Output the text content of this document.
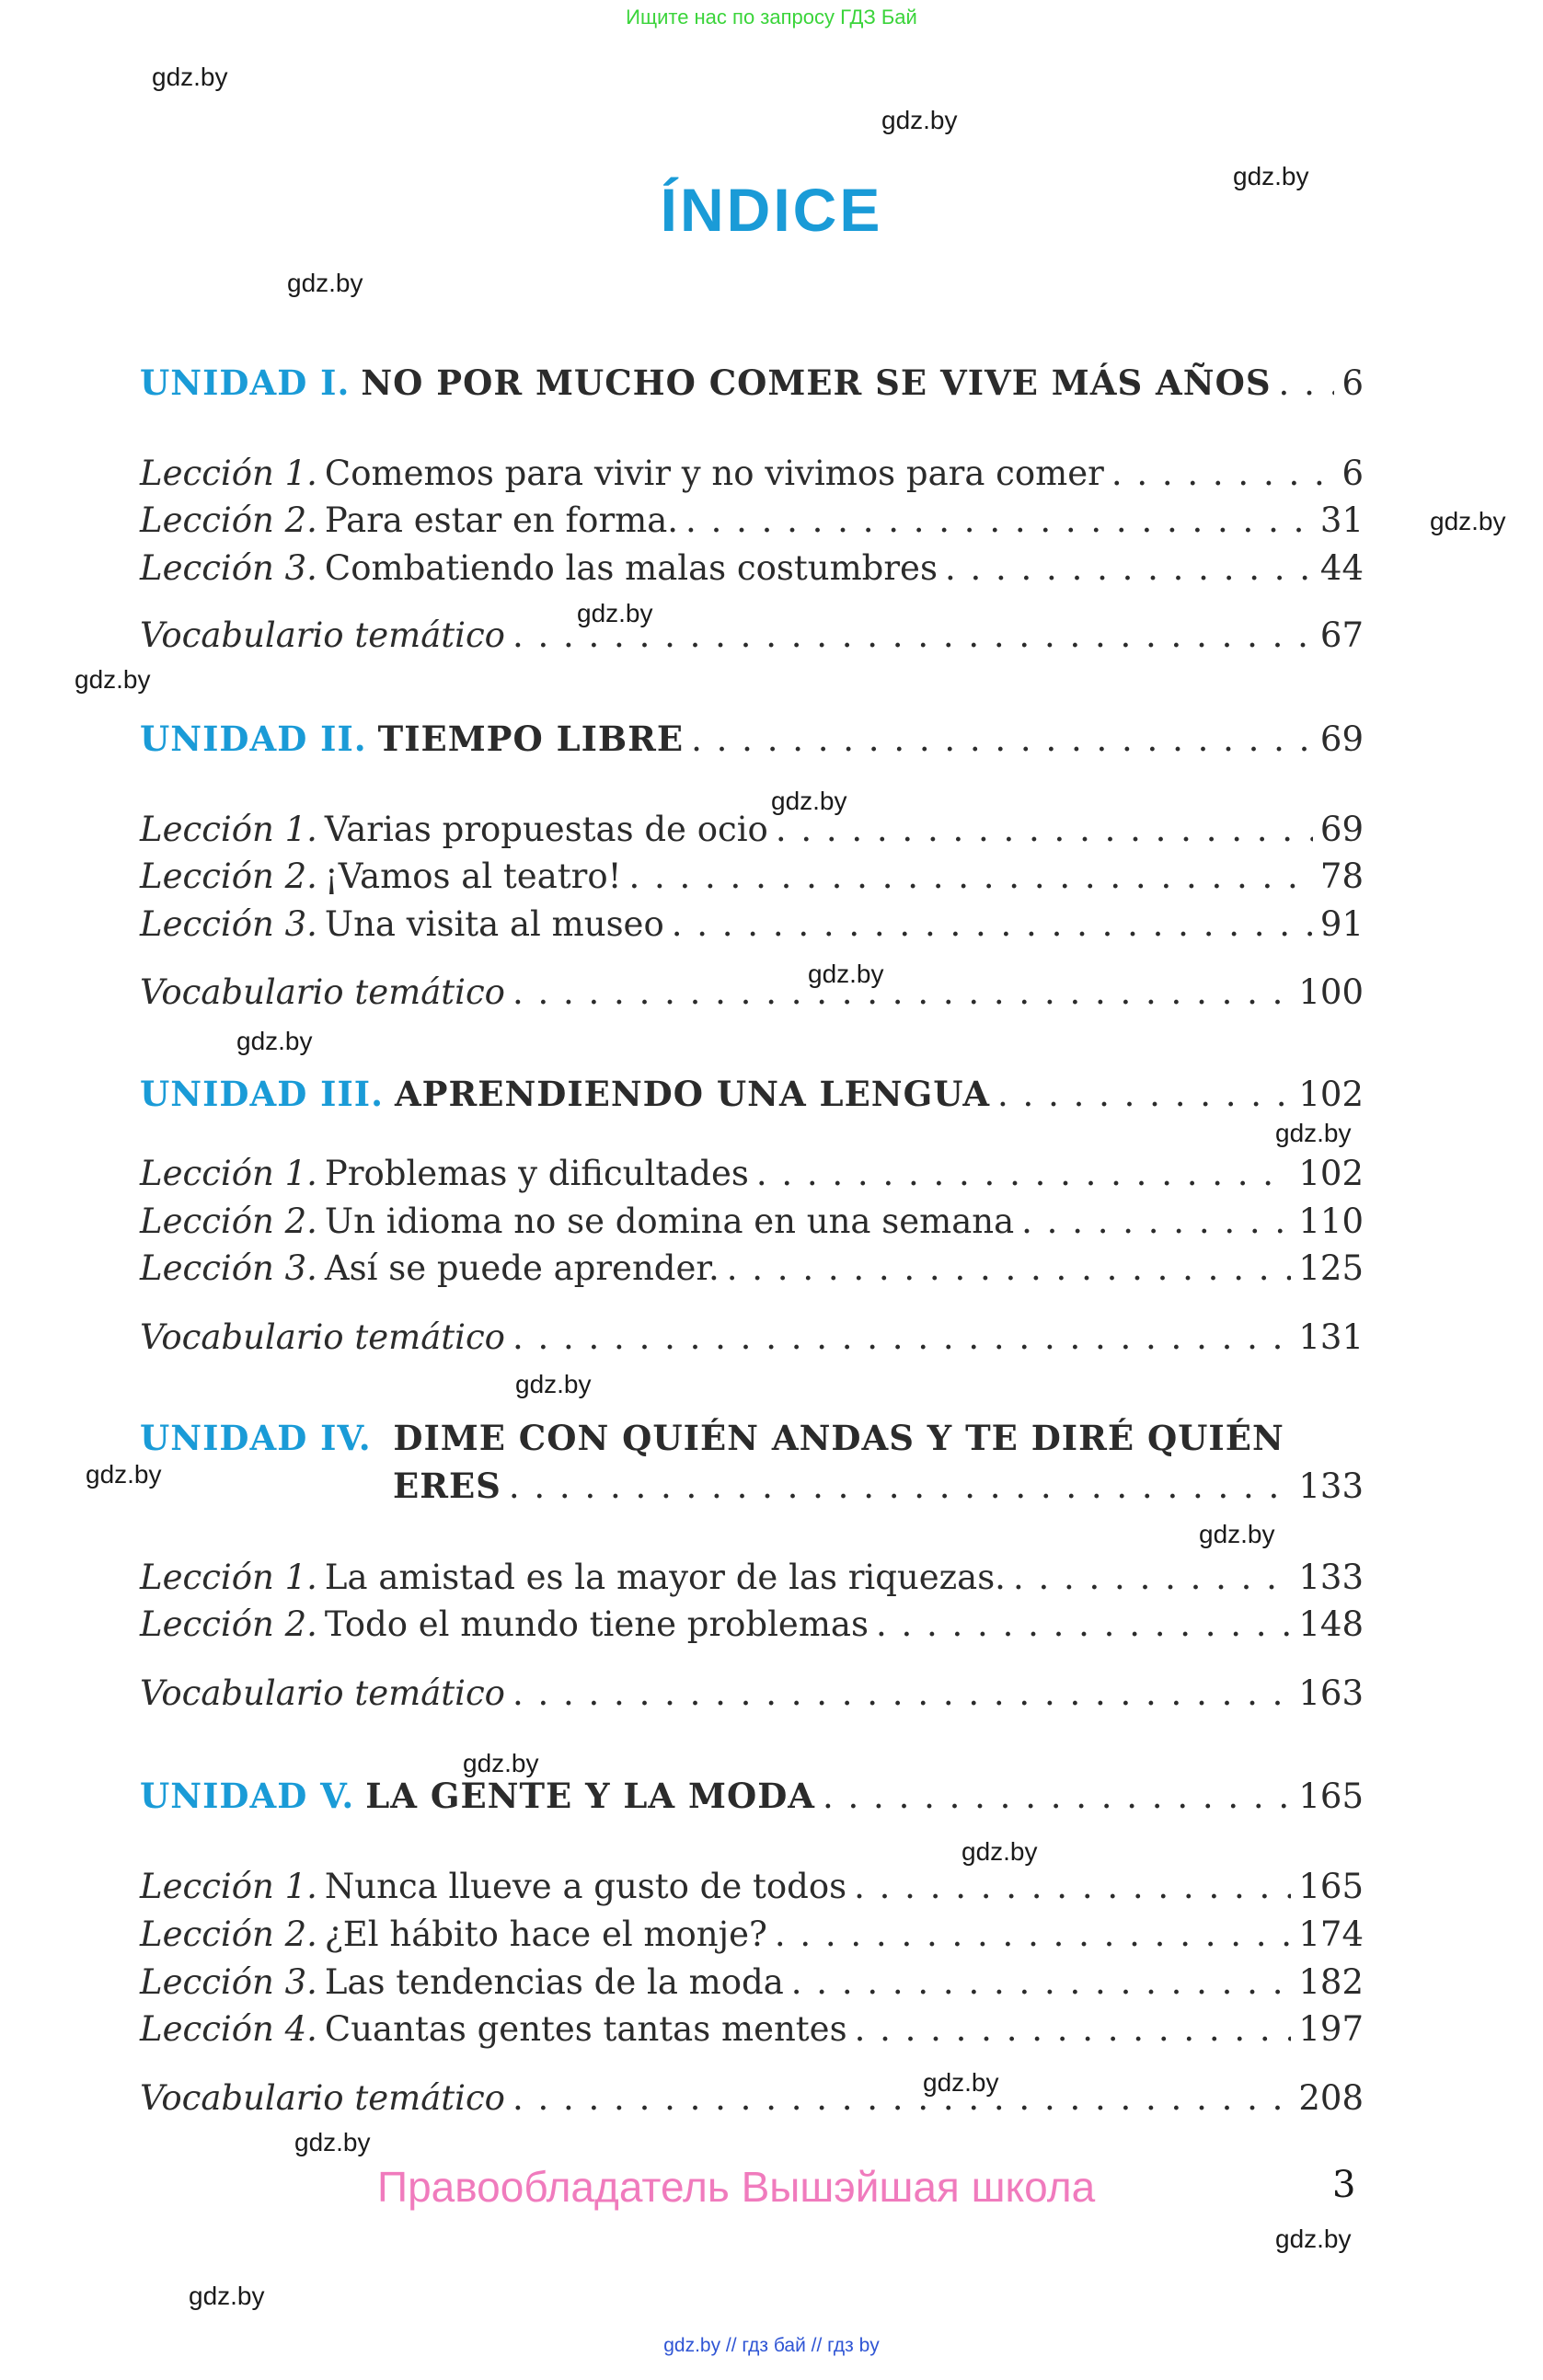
Ищите нас по запросу ГДЗ Бай
gdz.by
gdz.by
gdz.by
gdz.by
gdz.by
gdz.by
gdz.by
gdz.by
gdz.by
gdz.by
gdz.by
gdz.by
gdz.by
gdz.by
gdz.by
gdz.by
gdz.by
gdz.by
gdz.by
gdz.by
ÍNDICE
UNIDAD I. NO POR MUCHO COMER SE VIVE MÁS AÑOS . . . 6
Lección 1. Comemos para vivir y no vivimos para comer . . .	6
Lección 2. Para estar en forma. . . .	31
Lección 3. Combatiendo las malas costumbres . . .	44
Vocabulario temático . . .	67
UNIDAD II. TIEMPO LIBRE . . .	69
Lección 1. Varias propuestas de ocio . . .	69
Lección 2. ¡Vamos al teatro! . . .	78
Lección 3. Una visita al museo . . .	91
Vocabulario temático . . .	100
UNIDAD III. APRENDIENDO UNA LENGUA . . .	102
Lección 1. Problemas y dificultades . . .	102
Lección 2. Un idioma no se domina en una semana . . .	110
Lección 3. Así se puede aprender. . . .	125
Vocabulario temático . . .	131
UNIDAD IV. DIME CON QUIÉN ANDAS Y TE DIRÉ QUIÉN
ERES . . .	133
Lección 1. La amistad es la mayor de las riquezas. . . .	133
Lección 2. Todo el mundo tiene problemas . . .	148
Vocabulario temático . . .	163
UNIDAD V. LA GENTE Y LA MODA . . .	165
Lección 1. Nunca llueve a gusto de todos . . .	165
Lección 2. ¿El hábito hace el monje? . . .	174
Lección 3. Las tendencias de la moda . . .	182
Lección 4. Cuantas gentes tantas mentes . . .	197
Vocabulario temático . . .	208
Правообладатель Вышэйшая школа	3
gdz.by // гдз бай // гдз by
